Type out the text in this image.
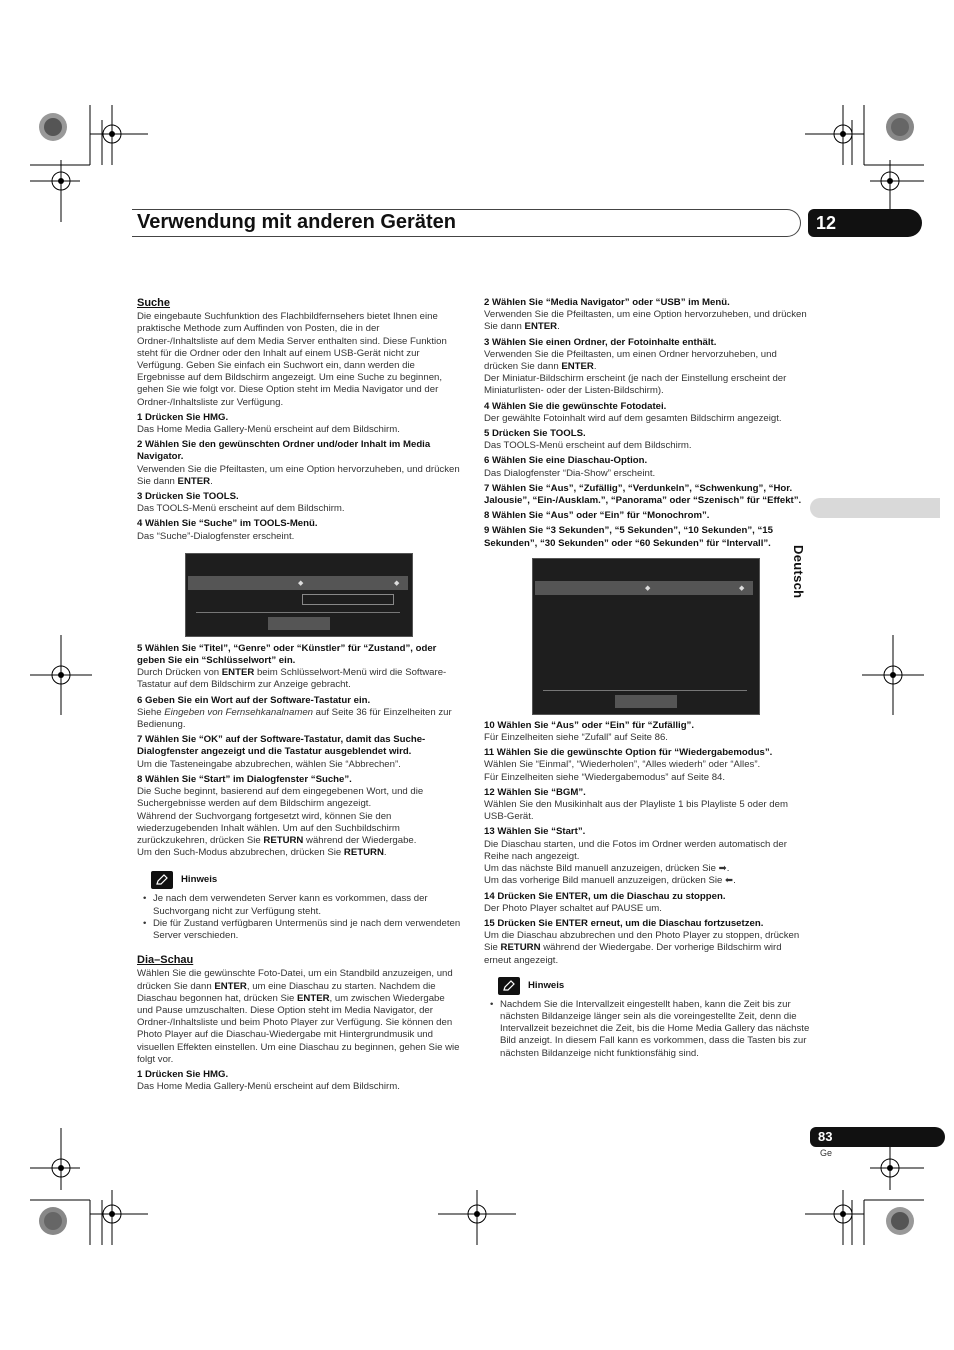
Verwendung mit anderen Geräten	12
Deutsch

Suche

Die eingebaute Suchfunktion des Flachbildfernsehers bietet Ihnen eine praktische Methode zum Auffinden von Posten, die in der Ordner-/Inhaltsliste auf dem Media Server enthalten sind. Diese Funktion steht für die Ordner oder den Inhalt auf einem USB-Gerät nicht zur Verfügung. Geben Sie einfach ein Suchwort ein, dann werden die Ergebnisse auf dem Bildschirm angezeigt. Um eine Suche zu beginnen, gehen Sie wie folgt vor. Diese Option steht im Media Navigator und der Ordner-/Inhaltsliste zur Verfügung.

1 Drücken Sie HMG.

Das Home Media Gallery-Menü erscheint auf dem Bildschirm.

2 Wählen Sie den gewünschten Ordner und/oder Inhalt im Media Navigator.

Verwenden Sie die Pfeiltasten, um eine Option hervorzuheben, und drücken Sie dann ENTER.

3 Drücken Sie TOOLS.

Das TOOLS-Menü erscheint auf dem Bildschirm.

4 Wählen Sie “Suche” im TOOLS-Menü.

Das “Suche”-Dialogfenster erscheint.

◆	◆

5 Wählen Sie “Titel”, “Genre” oder “Künstler” für “Zustand”, oder geben Sie ein “Schlüsselwort” ein.

Durch Drücken von ENTER beim Schlüsselwort-Menü wird die Software-Tastatur auf dem Bildschirm zur Anzeige gebracht.

6 Geben Sie ein Wort auf der Software-Tastatur ein.

Siehe Eingeben von Fernsehkanalnamen auf Seite 36 für Einzelheiten zur Bedienung.

7 Wählen Sie “OK” auf der Software-Tastatur, damit das Suche-Dialogfenster angezeigt und die Tastatur ausgeblendet wird.

Um die Tasteneingabe abzubrechen, wählen Sie “Abbrechen”.

8 Wählen Sie “Start” im Dialogfenster “Suche”.

Die Suche beginnt, basierend auf dem eingegebenen Wort, und die Suchergebnisse werden auf dem Bildschirm angezeigt.

Während der Suchvorgang fortgesetzt wird, können Sie den wiederzugebenden Inhalt wählen. Um auf den Suchbildschirm zurückzukehren, drücken Sie RETURN während der Wiedergabe.

Um den Such-Modus abzubrechen, drücken Sie RETURN.

Hinweis

• Je nach dem verwendeten Server kann es vorkommen, dass der Suchvorgang nicht zur Verfügung steht.

• Die für Zustand verfügbaren Untermenüs sind je nach dem verwendeten Server verschieden.

Dia–Schau

Wählen Sie die gewünschte Foto-Datei, um ein Standbild anzuzeigen, und drücken Sie dann ENTER, um eine Diaschau zu starten. Nachdem die Diaschau begonnen hat, drücken Sie ENTER, um zwischen Wiedergabe und Pause umzuschalten. Diese Option steht im Media Navigator, der Ordner-/Inhaltsliste und beim Photo Player zur Verfügung. Sie können den Photo Player auf die Diaschau-Wiedergabe mit Hintergrundmusik und visuellen Effekten einstellen. Um eine Diaschau zu beginnen, gehen Sie wie folgt vor.

1 Drücken Sie HMG.

Das Home Media Gallery-Menü erscheint auf dem Bildschirm.

2 Wählen Sie “Media Navigator” oder “USB” im Menü.

Verwenden Sie die Pfeiltasten, um eine Option hervorzuheben, und drücken Sie dann ENTER.

3 Wählen Sie einen Ordner, der Fotoinhalte enthält.

Verwenden Sie die Pfeiltasten, um einen Ordner hervorzuheben, und drücken Sie dann ENTER.

Der Miniatur-Bildschirm erscheint (je nach der Einstellung erscheint der Miniaturlisten- oder der Listen-Bildschirm).

4 Wählen Sie die gewünschte Fotodatei.

Der gewählte Fotoinhalt wird auf dem gesamten Bildschirm angezeigt.

5 Drücken Sie TOOLS.

Das TOOLS-Menü erscheint auf dem Bildschirm.

6 Wählen Sie eine Diaschau-Option.

Das Dialogfenster “Dia-Show” erscheint.

7 Wählen Sie “Aus”, “Zufällig”, “Verdunkeln”, “Schwenkung”, “Hor. Jalousie”, “Ein-/Ausklam.”, “Panorama” oder “Szenisch” für “Effekt”.

8 Wählen Sie “Aus” oder “Ein” für “Monochrom”.

9 Wählen Sie “3 Sekunden”, “5 Sekunden”, “10 Sekunden”, “15 Sekunden”, “30 Sekunden” oder “60 Sekunden” für “Intervall”.

◆	◆

10 Wählen Sie “Aus” oder “Ein” für “Zufällig”.

Für Einzelheiten siehe “Zufall” auf Seite 86.

11 Wählen Sie die gewünschte Option für “Wiedergabemodus”.

Wählen Sie “Einmal”, “Wiederholen”, “Alles wiederh” oder “Alles”.

Für Einzelheiten siehe “Wiedergabemodus” auf Seite 84.

12 Wählen Sie “BGM”.

Wählen Sie den Musikinhalt aus der Playliste 1 bis Playliste 5 oder dem USB-Gerät.

13 Wählen Sie “Start”.

Die Diaschau starten, und die Fotos im Ordner werden automatisch der Reihe nach angezeigt.

Um das nächste Bild manuell anzuzeigen, drücken Sie ➡.

Um das vorherige Bild manuell anzuzeigen, drücken Sie ⬅.

14 Drücken Sie ENTER, um die Diaschau zu stoppen.

Der Photo Player schaltet auf PAUSE um.

15 Drücken Sie ENTER erneut, um die Diaschau fortzusetzen.

Um die Diaschau abzubrechen und den Photo Player zu stoppen, drücken Sie RETURN während der Wiedergabe. Der vorherige Bildschirm wird erneut angezeigt.

Hinweis

• Nachdem Sie die Intervallzeit eingestellt haben, kann die Zeit bis zur nächsten Bildanzeige länger sein als die voreingestellte Zeit, denn die Intervallzeit bezeichnet die Zeit, bis die Home Media Gallery das nächste Bild anzeigt. In diesem Fall kann es vorkommen, dass die Tasten bis zur nächsten Bildanzeige nicht funktionsfähig sind.

83
Ge
